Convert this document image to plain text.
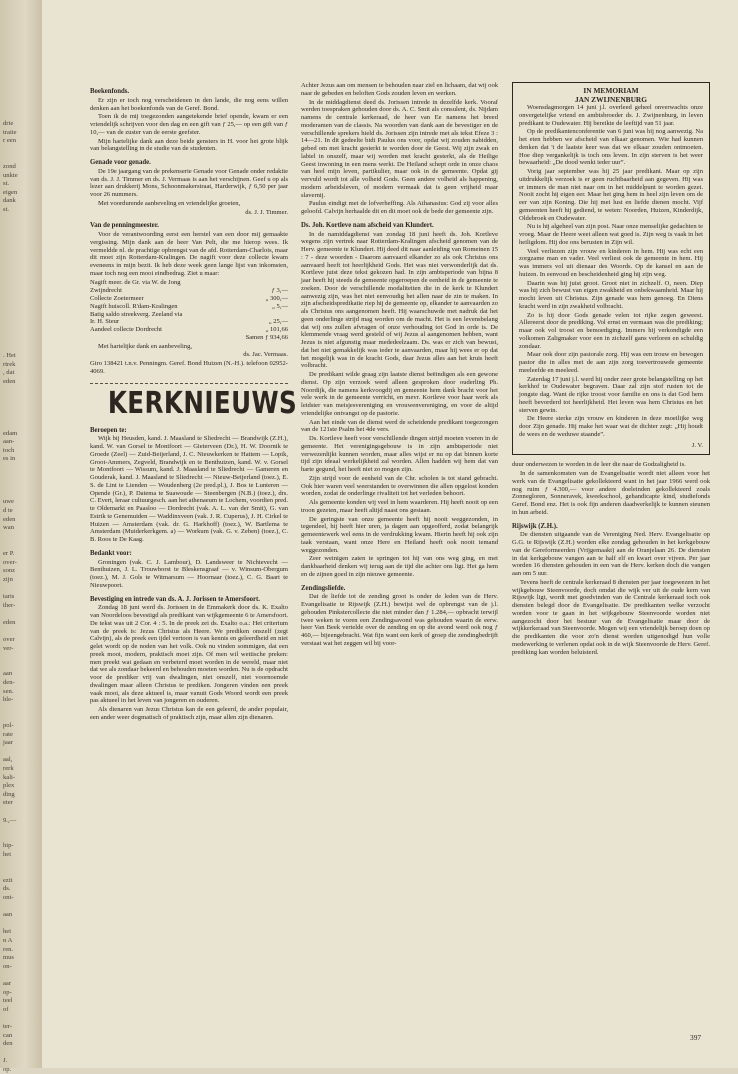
drie
traite
r een
zond
unkte
st.
eigen
dank
st.
. Het
rtrek
, dat
eden
edam
aan-
toch
es in
uwe
d te
eden
wan
er P.
over-
sonz
zijn
taris
ther-
eden
over
ver-
aan
den-
sen.
hle-
pol-
rate
jaar
aal,
rerk
kali-
plex
ding
eter
9.,—
hip-
het
ezit
ds.
ont-
aan
het
n A
ren.
mus
on-
aar
op-
teel
of
ter-
can
den
J.
op.
Boekenfonds.

Er zijn er toch nog verscheidenen in den lande, die nog eens willen denken aan het boekenfonds van de Geref. Bond.

Toen ik de mij toegezonden aangetekende brief opende, kwam er een vriendelijk schrijven voor den dag en een gift van ƒ 25,— op een gift van ƒ 10,— van de zuster van de eerste geefster.

Mijn hartelijke dank aan deze beide gensters in H. voor het grote blijk van belangstelling in de studie van de studenten.

Genade voor genade.

De 19e jaargang van de prekenserie Genade voor Genade onder redaktie van ds. J. J. Timmer en ds. J. Vermaas is aan het verschijnen. Geef u op als lezer aan drukkerij Mons, Schoonmakerstraat, Harderwijk, ƒ 6,50 per jaar voor 26 nummers.

Met voordurende aanbeveling en vriendelijke groeten,

ds. J. J. Timmer.

Van de penningmeester.

Voor de verantwoording eerst een herstel van een door mij gemaakte vergissing. Mijn dank aan de heer Van Pelt, die me hierop wees. Ik vermeldde nl. de prachtige opbrengst van de afd. Rotterdam-Charlois, maar dit moet zijn Rotterdam-Kralingen. De nagift voor deze collecte kwam eveneens in mijn bezit. Ik heb deze week geen lange lijst van inkomsten, maar toch nog een mooi eindbedrag. Ziet u maar:

Nagift meer. de Gr. via W. de Jong

Zwijndrecht	ƒ 3,—

Collecte Zoetermeer	„ 300,—

Nagift huiscoll. R'dam-Kralingen	„ 5,—

Batig saldo streekverg. Zeeland via

Ir. H. Steur	„ 25,—

Aandeel collecte Dordrecht	„ 101,66

Samen ƒ 934,66

Met hartelijke dank en aanbeveling,

ds. Jac. Vermaas.

Giro 138421 t.n.v. Penningm. Geref. Bond Huizen (N.-H.). telefoon 02952-4069.

KERKNIEUWS
Beroepen te:

Wijk bij Heusden, kand. J. Maasland te Sliedrecht — Brandwijk (Z.H.), kand. W. van Gorsel te Montfoort — Gieterveen (Dr.), H. W. Doornik te Groede (Zeel) — Zuid-Beijerland, J. C. Nieuwkerken te Hattem — Lopik, Groot-Ammers, Zegveld, Brandwijk en te Benthuizen, kand. W. v. Gorsel te Montfoort — Wissum, kand. J. Maasland te Sliedrecht — Gameren en Gouderak, kand. J. Maasland te Sliedrecht — Nieuw-Beijerland (toez.), E. S. de Lint te Lienden — Woudenberg (2e pred.pl.), J. Bos te Lunteren — Opende (Gr.), P. Datema te Suawoude — Steenbergen (N.B.) (toez.), drs. C. Evert, leraar cultuurgesch. aan het athenaeum te Lochem, voordien pred. te Oldemarkt en Paasloo — Dordrecht (vak. A. L. van der Smit), G. van Estrik te Genemuiden — Waddinxveen (vak. J. R. Cuperus), J. H. Cirkel te Huizen — Amsterdam (vak. dr. G. Harkhoff) (toez.), W. Bartlema te Amsterdam (Muiderkerkgem. a) — Workum (vak. G. v. Zeben) (toez.), C. B. Roos te De Kaag.

Bedankt voor:

Groningen (vak. C. J. Lambour), D. Landsweer te Nichtevecht — Benthuizen, J. L. Trouwborst te Bleskensgraaf — v. Winsum-Obergum (toez.), M. J. Gols te Witmarsum — Hoornaar (toez.), C. G. Baart te Nieuwpoort.

Bevestiging en intrede van ds. A. J. Jorissen te Amersfoort.

Zondag 18 juni werd ds. Jorissen in de Emmakerk door ds. K. Exalto van Noordeloos bevestigd als predikant van wijkgemeente 6 te Amersfoort. De tekst was uit 2 Cor. 4 : 5. In de preek zei ds. Exalto o.a.: Het criterium van de preek is: Jezus Christus als Heere. We prediken onszelf (zegt Calvijn), als de preek een ijdel vertoon is van kennis en geleerdheid en niet gelet wordt op de noden van het volk. Ook nu vinden sommigen, dat een preek mooi, modern, praktisch moet zijn. Of men wil wettische preken: men preekt wat gedaan en verbeterd moet worden in de wereld, maar niet dat we als zondaar bekeerd en behouden moeten worden. Nu is de opdracht voor de prediker vrij van dwalingen, niet onszelf, niet voornoemde dwalingen maar alleen Christus te prediken. Jongeren vinden een preek vaak mooi, als deze aktueel is, maar vanuit Gods Woord wordt een preek pas aktueel in het leven van jongeren en ouderen.

Als dienaren van Jezus Christus kan de een geleerd, de ander populair, een ander weer dogmatisch of praktisch zijn, maar allen zijn dienaren.

Achter Jezus aan om mensen te behouden naar ziel en lichaam, dat wij ook naar de gebeden en beloften Gods zouden leven en werken.

In de middagdienst deed ds. Jorissen intrede in dezelfde kerk. Vooraf werden toespraken gehouden door ds. A. C. Smit als consulent, ds. Nijdam namens de centrale kerkeraad, de heer van Ee namens het breed moderamen van de classis. Na woorden van dank aan de bevestiger en de verschillende sprekers hield ds. Jorissen zijn intrede met als tekst Efeze 3 : 14—21. In dit gedeelte bidt Paulus ons voor, opdat wij zouden nabidden, gebed om met kracht gesterkt te worden door de Geest. Wij zijn zwak en labiel in onszelf, maar wij worden met kracht gesterkt, als de Heilige Geest inwoning in een mens werkt. De Heiland schept orde in onze chaos van heel mijn leven, partikulier, maar ook in de gemeente. Opdat gij vervuld wordt tot alle volheid Gods. Geen andere volheid als happening, modern arbeidsleven, of modern vermaak dat is geen vrijheid maar slavernij.

Paulus eindigt met de lofverheffing. Als Athanasius: God zij voor alles geloofd. Calvijn herhaalde dit en dit moet ook de bede der gemeente zijn.

Ds. Joh. Kortleve nam afscheid van Klundert.

In de namiddagdienst van zondag 18 juni heeft ds. Joh. Kortleve wegens zijn vertrek naar Rotterdam-Kralingen afscheid genomen van de Herv. gemeente te Klundert. Hij deed dit naar aanleiding van Romeinen 15 : 7 - deze woorden - Daarom aanvaard elkander zo als ook Christus ons aanvaard heeft tot heerlijkheid Gods. Het was niet verwonderlijk dat ds. Kortleve juist deze tekst gekozen had. In zijn ambtsperiode van bijna 8 jaar heeft hij steeds de gemeente opgeroepen de eenheid in de gemeente te zoeken. Door de verschillende modaliteiten die in de kerk te Klundert aanwezig zijn, was het niet eenvoudig het allen naar de zin te maken. In zijn afscheidspredikatie riep hij de gemeente op, elkander te aanvaarden zo als Christus ons aangenomen heeft. Hij waarschuwde met nadruk dat het geen onderlinge strijd mag worden om de macht. Het is een levensbelang dat wij ons zullen afvragen of onze verhouding tot God in orde is. De klemmende vraag werd gesteld of wij Jezus al aangenomen hebben, want Jezus is niet afgunstig maar mededeelzaam. Ds. was er zich van bewust, dat het niet gemakkelijk was ieder te aanvaarden, maar hij wees er op dat het mogelijk was in de kracht Gods, daar Jezus alles aan het kruis heeft volbracht.

De predikant wilde graag zijn laatste dienst beëindigen als een gewone dienst. Op zijn verzoek werd alleen gesproken door ouderling Ph. Noordijk, die namens kerkvoogdij en gemeente hem dank bracht voor het vele werk in de gemeente verricht, en mevr. Kortleve voor haar werk als leidster van meisjesvereniging en vrouwenvereniging, en voor de altijd vriendelijke ontvangst op de pastorie.

Aan het einde van de dienst werd de scheidende predikant toegezongen van de 121ste Psalm het 4de vers.

Ds. Kortleve heeft voor verschillende dingen strijd moeten voeren in de gemeente. Het verenigingsgebouw is in zijn ambtsperiode niet verwezenlijkt kunnen worden, maar alles wijst er nu op dat binnen korte tijd zijn ideaal werkelijkheid zal worden. Allen hadden wij hem dat van harte gegund, het heeft niet zo mogen zijn.

Zijn strijd voor de eenheid van de Chr. scholen is tot stand gebracht. Ook hier waren veel weerstanden te overwinnen die allen opgelost konden worden, zodat de onderlinge rivaliteit tot het verleden behoort.

Als gemeente konden wij veel in hem waarderen. Hij heeft nooit op een troon gezeten, maar heeft altijd naast ons gestaan.

De geringste van onze gemeente heeft hij nooit weggezonden, in tegendeel, hij heeft hier uren, ja dagen aan opgeofferd, zodat belangrijk gemeentewerk wel eens in de verdrukking kwam. Hierin heeft hij ook zijn taak verstaan, want onze Here en Heiland heeft ook nooit iemand weggezonden.

Zeer weinigen zaten te springen tot hij van ons weg ging, en met dankbaarheid denken wij terug aan de tijd die achter ons ligt. Het ga hem en de zijnen goed in zijn nieuwe gemeente.

Zendingsliefde.

Dat de liefde tot de zending groot is onder de leden van de Herv. Evangelisatie te Rijswijk (Z.H.) bewijst wel de opbrengst van de j.l. gehouden Pinkstercollecte die niet minder dan ƒ 1.284,— opbracht terwijl twee weken te voren een Zendingsavond was gehouden waarin de eerw. heer Van Beek vertelde over de zending en op die avond werd ook nog ƒ 460,— bijeengebracht. Wat fijn want een kerk of groep die zendingbedrijft verstaat wat het zeggen wil bij voor-

IN MEMORIAM

JAN ZWIJNENBURG

Woensdagmorgen 14 juni j.l. overleed geheel onverwachts onze onvergetelijke vriend en ambtsbroeder ds. J. Zwijnenburg, in leven predikant te Oudewater. Hij bereikte de leeftijd van 51 jaar.

Op de predikantenconferentie van 6 juni was hij nog aanwezig. Na het eten hebben we afscheid van elkaar genomen. Wie had kunnen denken dat 't de laatste keer was dat we elkaar zouden ontmoeten. Hoe diep vergankelijk is toch ons leven. In zijn sterven is het weer bewaarheid: „De dood wenkt ieder uur”.

Vorig jaar september was hij 25 jaar predikant. Maar op zijn uitdrukkelijk verzoek is er geen ruchtbaarheid aan gegeven. Hij was er immers de man niet naar om in het middelpunt te worden gezet. Nooit zocht hij eigen eer. Maar het ging hem in heel zijn leven om de eer van zijn Koning. Die hij met lust en liefde dienen mocht. Vijf gemeenten heeft hij gediend, te weten: Noorden, Huizen, Kinderdijk, Oldebroek en Oudewater.

Nu is hij algeheel van zijn post. Naar onze menselijke gedachten te vroeg. Maar de Heere weet alleen wat goed is. Zijn weg is vaak in het heiligdom. Hij doe ons berusten in Zijn wil.

Veel verliezen zijn vrouw en kinderen in hem. Hij was echt een zorgzame man en vader. Veel verliest ook de gemeente in hem. Hij was immers vol uit dienaar des Woords. Op de kansel en aan de huizen. In eenvoud en bescheidenheid ging hij zijn weg.

Daarin was hij juist groot. Groot niet in zichzelf. O, neen. Diep was hij zich bewust van eigen zwakheid en onbekwaamheid. Maar hij mocht leven uit Christus. Zijn genade was hem genoeg. En Diens kracht werd in zijn zwakheid volbracht.

Zo is hij door Gods genade velen tot rijke zegen geweest. Allereerst door de prediking. Vol ernst en vermaan was die prediking; maar ook vol troost en bemoediging. Immers hij verkondigde een volkomen Zaligmaker voor een in zichzelf gans verloren en schuldig zondaar.

Maar ook door zijn pastorale zorg. Hij was een trouw en bewogen pastor die in alles met de aan zijn zorg toevertrouwde gemeente meeleefde en meeleed.

Zaterdag 17 juni j.l. werd hij onder zeer grote belangstelling op het kerkhof te Oudewater begraven. Daar zal zijn stof rusten tot de jongste dag. Want de rijke troost voor familie en ons is dat God hem heeft bevorderd tot heerlijkheid. Het leven was hem Christus en het sterven gewin.

De Heere sterke zijn vrouw en kinderen in deze moeilijke weg door Zijn genade. Hij make het waar wat de dichter zegt: „Hij houdt de wees en de weduwe staande”.

J. V.

duur onderwezen te worden in de leer die naar de Godzaligheid is.

In de samenkomsten van de Evangelisatie wordt niet alleen voor het werk van de Evangelisatie gekollekteerd want in het jaar 1966 werd ook nog ruim ƒ 4.300,— voor andere doeleinden gekollekteerd zoals Zonnegloren, Sonneravek, kweekschool, gehandicapte kind, studiefonds Geref. Bond enz. Het is ook fijn anderen daadwerkelijk te kunnen steunen in hun arbeid.

Rijswijk (Z.H.).

De diensten uitgaande van de Vereniging Ned. Herv. Evangelisatie op G.G. te Rijswijk (Z.H.) worden elke zondag gehouden in het kerkgebouw van de Gereformeerden (Vrijgemaakt) aan de Oranjelaan 26. De diensten in dat kerkgebouw vangen aan te half elf en kwart over vijven. Per jaar worden 16 diensten gehouden in een van de Herv. kerken doch die vangen aan om 5 uur.

Tevens heeft de centrale kerkeraad 8 diensten per jaar toegewezen in het wijkgebouw Steenvoorde, doch omdat die wijk ver uit de oude kern van Rijswijk ligt, wordt met goedvinden van de Centrale kerkeraad toch ook diensten belegd door de Evangelisatie. De predikanten welke verzocht worden voor te gaan in het wijkgebouw Steenvoorde worden niet aangezocht door het bestuur van de Evangelisatie maar door de wijkkerkeraad van Steenvoorde. Mogen wij een vriendelijk beroep doen op die predikanten die voor zo'n dienst worden uitgenodigd hun volle medewerking te verlenen opdat ook in de wijk Steenvoorde de Herv. Geref. prediking kan worden beluisterd.

397
